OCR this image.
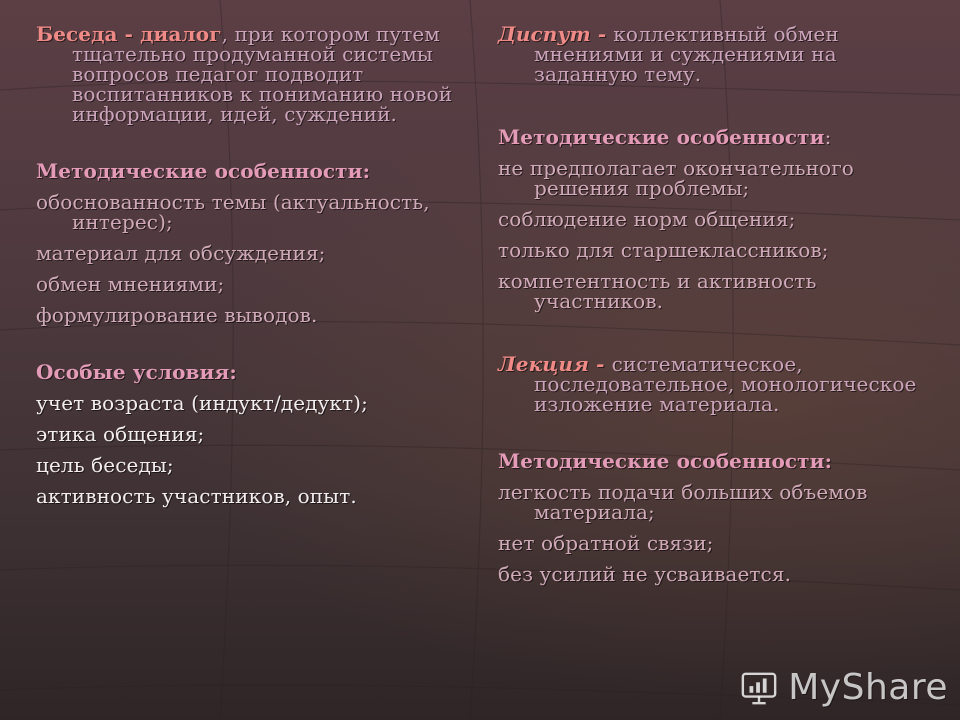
Беседа - диалог, при котором путем тщательно продуманной системы вопросов педагог подводит воспитанников к пониманию новой информации, идей, суждений.

Методические особенности:

обоснованность темы (актуальность, интерес);

материал для обсуждения;

обмен мнениями;

формулирование выводов.

Особые условия:

учет возраста (индукт/дедукт);

этика общения;

цель беседы;

активность участников, опыт.

Диспут - коллективный обмен мнениями и суждениями на заданную тему.

Методические особенности:

не предполагает окончательного решения проблемы;

соблюдение норм общения;

только для старшеклассников;

компетентность и активность участников.

Лекция - систематическое, последовательное, монологическое изложение материала.

Методические особенности:

легкость подачи больших объемов материала;

нет обратной связи;

без усилий не усваивается.

MyShare
